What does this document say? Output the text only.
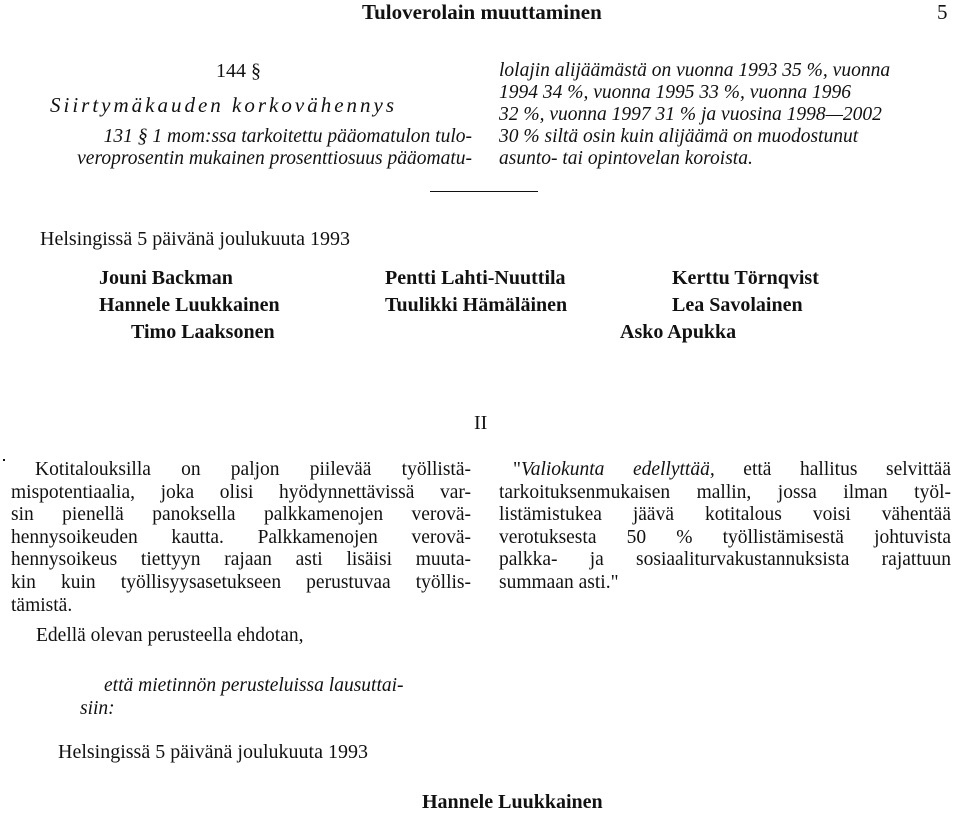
Tuloverolain muuttaminen	5
144 §
Siirtymäkauden korkovähennys
131 § 1 mom:ssa tarkoitettu pääomatulon tulo-
veroprosentin mukainen prosenttiosuus pääomatu-
lolajin alijäämästä on vuonna 1993 35 %, vuonna
1994 34 %, vuonna 1995 33 %, vuonna 1996
32 %, vuonna 1997 31 % ja vuosina 1998—2002
30 % siltä osin kuin alijäämä on muodostunut
asunto- tai opintovelan koroista.
Helsingissä 5 päivänä joulukuuta 1993
Jouni Backman
Hannele Luukkainen
Timo Laaksonen
Pentti Lahti-Nuuttila
Tuulikki Hämäläinen
Kerttu Törnqvist
Lea Savolainen
Asko Apukka
II
Kotitalouksilla on paljon piilevää työllistä-
mispotentiaalia, joka olisi hyödynnettävissä var-
sin pienellä panoksella palkkamenojen verovä-
hennysoikeuden kautta. Palkkamenojen verovä-
hennysoikeus tiettyyn rajaan asti lisäisi muuta-
kin kuin työllisyysasetukseen perustuvaa työllis-
tämistä.
Edellä olevan perusteella ehdotan,
että mietinnön perusteluissa lausuttai-
siin:
"Valiokunta edellyttää, että hallitus selvittää
tarkoituksenmukaisen mallin, jossa ilman työl-
listämistukea jäävä kotitalous voisi vähentää
verotuksesta 50 % työllistämisestä johtuvista
palkka- ja sosiaaliturvakustannuksista rajattuun
summaan asti."
Helsingissä 5 päivänä joulukuuta 1993
Hannele Luukkainen
